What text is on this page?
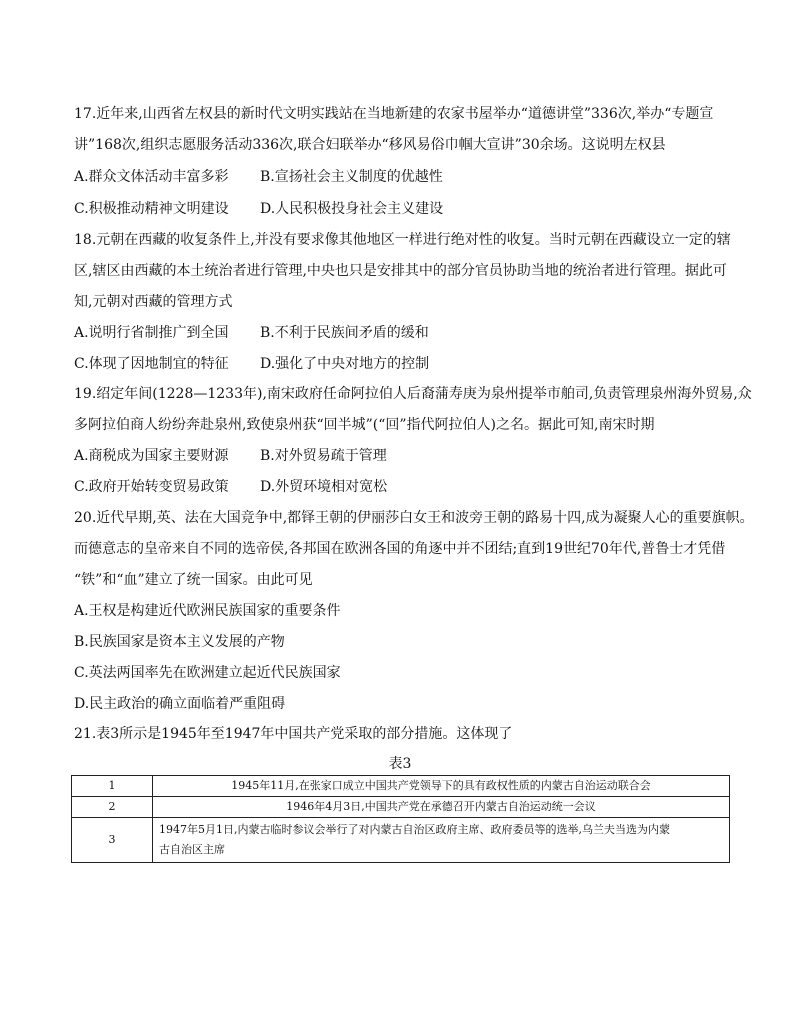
17.近年来,山西省左权县的新时代文明实践站在当地新建的农家书屋举办“道德讲堂”336次,举办“专题宣
讲”168次,组织志愿服务活动336次,联合妇联举办“移风易俗巾帼大宣讲”30余场。这说明左权县
A.群众文体活动丰富多彩 B.宣扬社会主义制度的优越性
C.积极推动精神文明建设 D.人民积极投身社会主义建设
18.元朝在西藏的收复条件上,并没有要求像其他地区一样进行绝对性的收复。当时元朝在西藏设立一定的辖
区,辖区由西藏的本土统治者进行管理,中央也只是安排其中的部分官员协助当地的统治者进行管理。据此可
知,元朝对西藏的管理方式
A.说明行省制推广到全国 B.不利于民族间矛盾的缓和
C.体现了因地制宜的特征 D.强化了中央对地方的控制
19.绍定年间(1228—1233年),南宋政府任命阿拉伯人后裔蒲寿庚为泉州提举市舶司,负责管理泉州海外贸易,众
多阿拉伯商人纷纷奔赴泉州,致使泉州获“回半城”(“回”指代阿拉伯人)之名。据此可知,南宋时期
A.商税成为国家主要财源 B.对外贸易疏于管理
C.政府开始转变贸易政策 D.外贸环境相对宽松
20.近代早期,英、法在大国竞争中,都铎王朝的伊丽莎白女王和波旁王朝的路易十四,成为凝聚人心的重要旗帜。
而德意志的皇帝来自不同的选帝侯,各邦国在欧洲各国的角逐中并不团结;直到19世纪70年代,普鲁士才凭借
“铁”和“血”建立了统一国家。由此可见
A.王权是构建近代欧洲民族国家的重要条件
B.民族国家是资本主义发展的产物
C.英法两国率先在欧洲建立起近代民族国家
D.民主政治的确立面临着严重阻碍
21.表3所示是1945年至1947年中国共产党采取的部分措施。这体现了
表3
1	1945年11月,在张家口成立中国共产党领导下的具有政权性质的内蒙古自治运动联合会
2	1946年4月3日,中国共产党在承德召开内蒙古自治运动统一会议
3	1947年5月1日,内蒙古临时参议会举行了对内蒙古自治区政府主席、政府委员等的选举,乌兰夫当选为内蒙
古自治区主席
